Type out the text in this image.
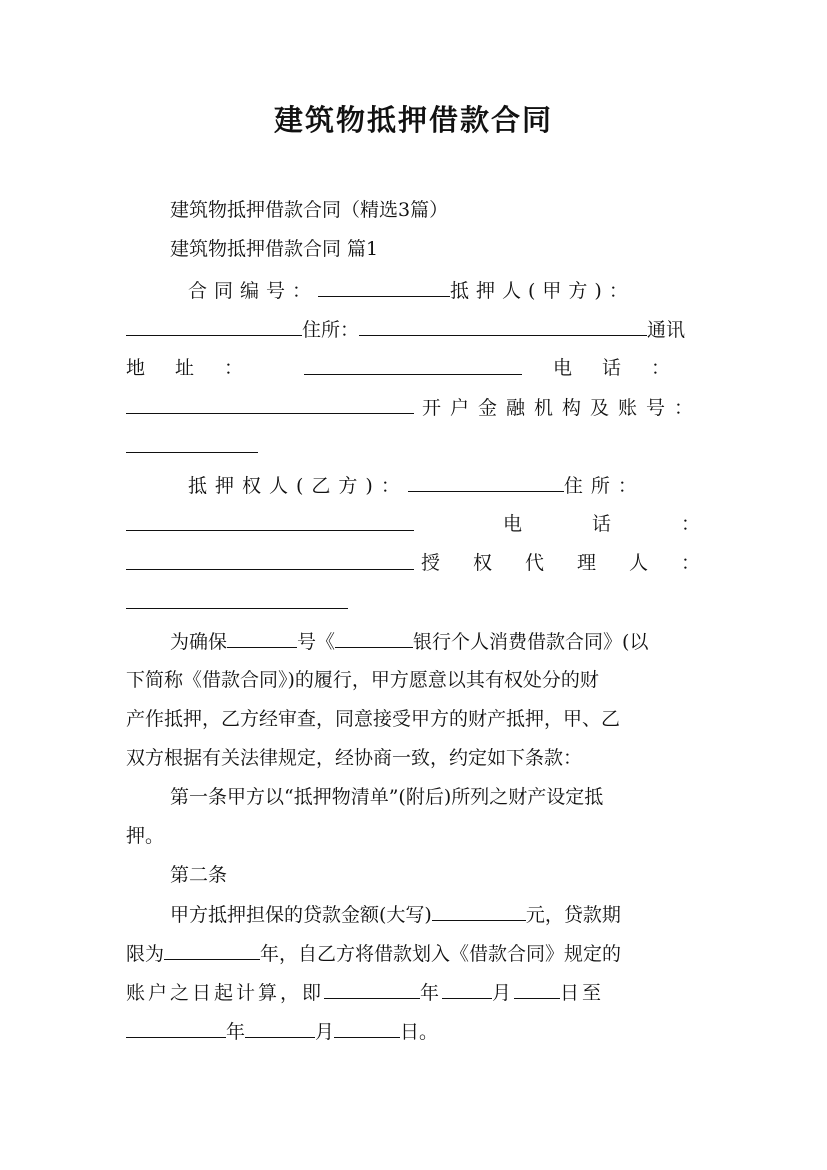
建筑物抵押借款合同
建筑物抵押借款合同（精选3篇）
建筑物抵押借款合同 篇1
合同编号：	抵押人(甲方)：
住所：	通讯
地址：	电话：
开户金融机构及账号：
抵押权人(乙方)：	住所：
电话：
授权代理人：
为确保	号《	银行个人消费借款合同》(以
下简称《借款合同》)的履行，甲方愿意以其有权处分的财
产作抵押，乙方经审查，同意接受甲方的财产抵押，甲、乙
双方根据有关法律规定，经协商一致，约定如下条款：
第一条甲方以“抵押物清单”(附后)所列之财产设定抵
押。
第二条
甲方抵押担保的贷款金额(大写)	元，贷款期
限为	年，自乙方将借款划入《借款合同》规定的
账户之日起计算，即	年	月 日至
年	月	日。
